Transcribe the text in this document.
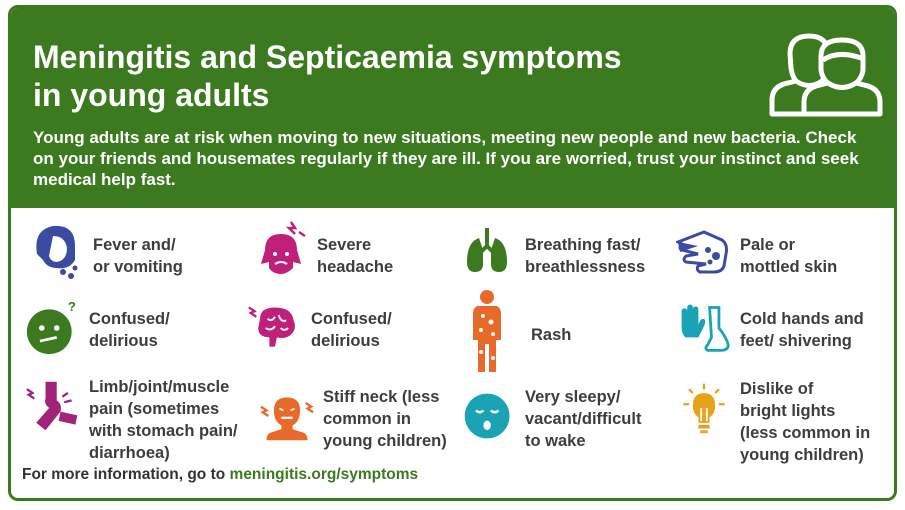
Meningitis and Septicaemia symptoms
in young adults

Young adults are at risk when moving to new situations, meeting new people and new bacteria. Check on your friends and housemates regularly if they are ill. If you are worried, trust your instinct and seek medical help fast.

Fever and/
or vomiting
Severe
headache
Breathing fast/
breathlessness
Pale or
mottled skin
?
Confused/
delirious
Confused/
delirious	Rash
Cold hands and
feet/ shivering
Limb/joint/muscle
pain (sometimes
with stomach pain/
diarrhoea)
Stiff neck (less
common in
young children)
Very sleepy/
vacant/difficult
to wake
Dislike of
bright lights
(less common in
young children)

For more information, go to meningitis.org/symptoms
